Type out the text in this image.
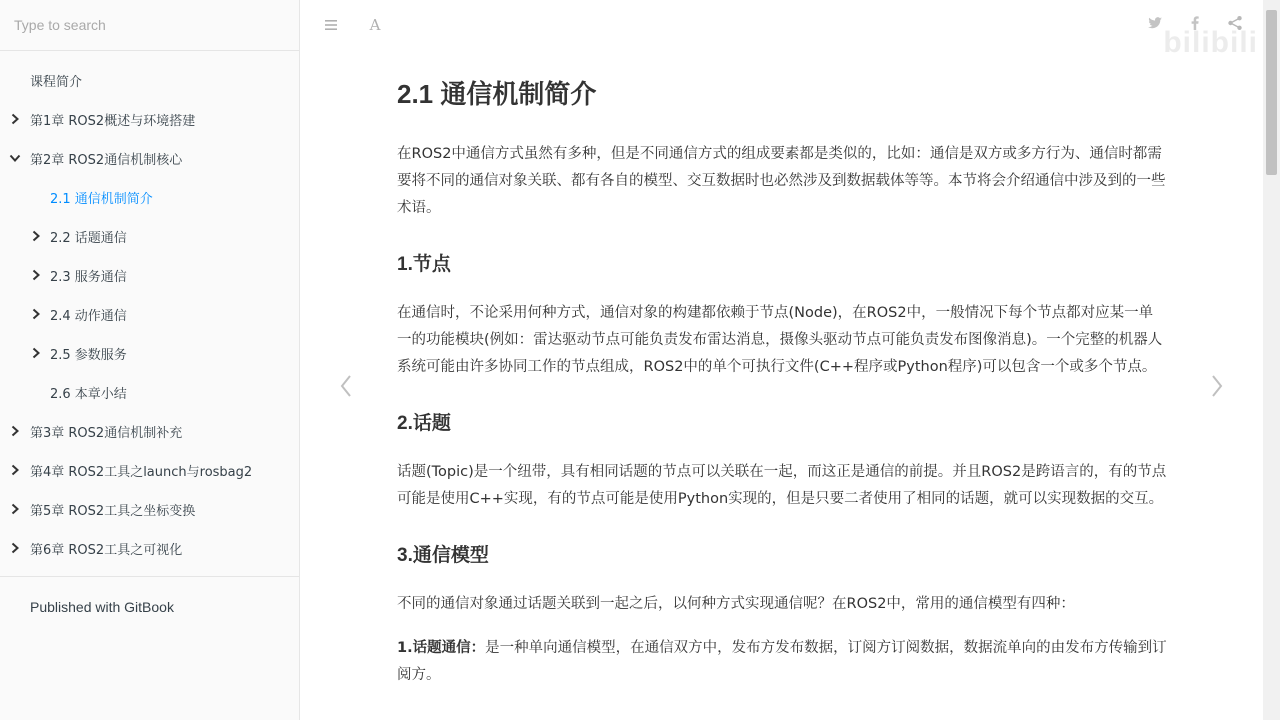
Type to search
课程简介
第1章 ROS2概述与环境搭建
第2章 ROS2通信机制核心
2.1 通信机制简介
2.2 话题通信
2.3 服务通信
2.4 动作通信
2.5 参数服务
2.6 本章小结
第3章 ROS2通信机制补充
第4章 ROS2工具之launch与rosbag2
第5章 ROS2工具之坐标变换
第6章 ROS2工具之可视化
Published with GitBook
A
bilibili
2.1 通信机制简介

在ROS2中通信方式虽然有多种，但是不同通信方式的组成要素都是类似的，比如：通信是双方或多方行为、通信时都需要将不同的通信对象关联、都有各自的模型、交互数据时也必然涉及到数据载体等等。本节将会介绍通信中涉及到的一些术语。

1.节点

在通信时，不论采用何种方式，通信对象的构建都依赖于节点(Node)，在ROS2中，一般情况下每个节点都对应某一单一的功能模块(例如：雷达驱动节点可能负责发布雷达消息，摄像头驱动节点可能负责发布图像消息)。一个完整的机器人系统可能由许多协同工作的节点组成，ROS2中的单个可执行文件(C++程序或Python程序)可以包含一个或多个节点。

2.话题

话题(Topic)是一个纽带，具有相同话题的节点可以关联在一起，而这正是通信的前提。并且ROS2是跨语言的，有的节点可能是使用C++实现，有的节点可能是使用Python实现的，但是只要二者使用了相同的话题，就可以实现数据的交互。

3.通信模型

不同的通信对象通过话题关联到一起之后，以何种方式实现通信呢？在ROS2中，常用的通信模型有四种：

1.话题通信：是一种单向通信模型，在通信双方中，发布方发布数据，订阅方订阅数据，数据流单向的由发布方传输到订阅方。
